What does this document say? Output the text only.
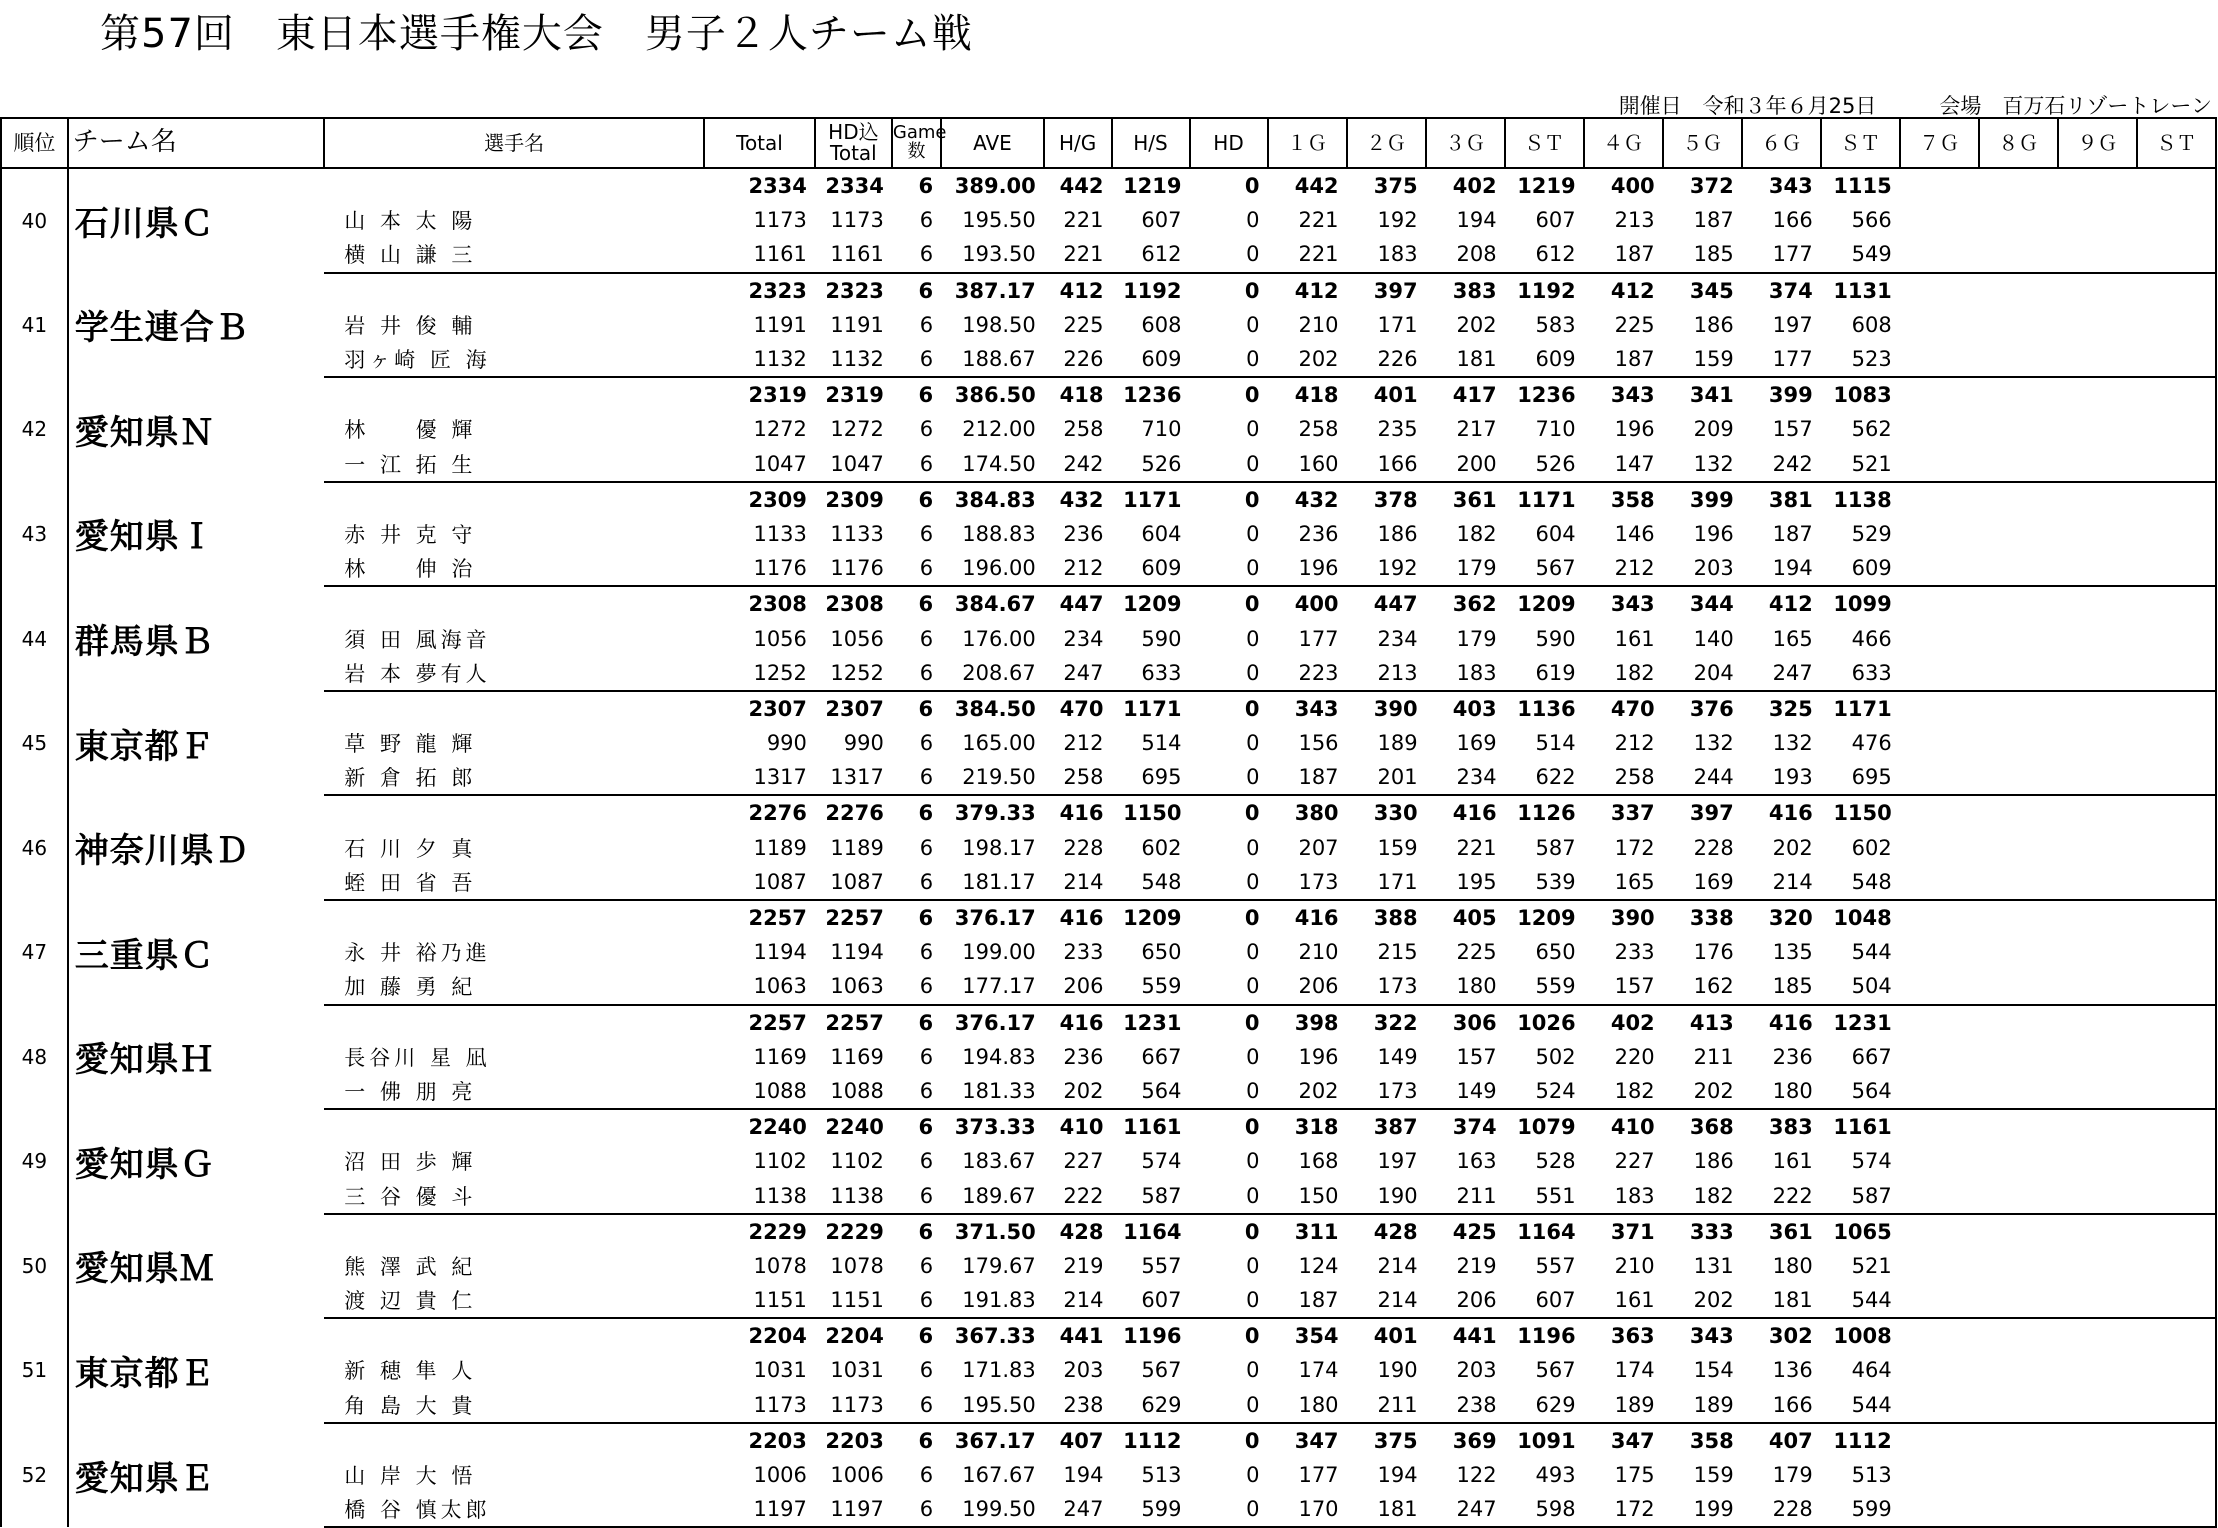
第57回　東日本選手権大会　男子２人チーム戦
開催日　令和３年６月25日　　　会場　百万石リゾートレーン
順位	チーム名	選手名	Total	HD込
Total	Game
数	AVE	H/G	H/S	HD	１Ｇ	２Ｇ	３Ｇ	ＳＴ	４Ｇ	５Ｇ	６Ｇ	ＳＴ	７Ｇ	８Ｇ	９Ｇ	ＳＴ
40	石川県Ｃ		2334	2334	6	389.00	442	1219	0	442	375	402	1219	400	372	343	1115				
		山 本 太 陽	1173	1173	6	195.50	221	607	0	221	192	194	607	213	187	166	566				
		横 山 謙 三	1161	1161	6	193.50	221	612	0	221	183	208	612	187	185	177	549				
41	学生連合Ｂ		2323	2323	6	387.17	412	1192	0	412	397	383	1192	412	345	374	1131				
		岩 井 俊 輔	1191	1191	6	198.50	225	608	0	210	171	202	583	225	186	197	608				
		羽ヶ崎 匠 海	1132	1132	6	188.67	226	609	0	202	226	181	609	187	159	177	523				
42	愛知県Ｎ		2319	2319	6	386.50	418	1236	0	418	401	417	1236	343	341	399	1083				
		林 　 優 輝	1272	1272	6	212.00	258	710	0	258	235	217	710	196	209	157	562				
		一 江 拓 生	1047	1047	6	174.50	242	526	0	160	166	200	526	147	132	242	521				
43	愛知県Ｉ		2309	2309	6	384.83	432	1171	0	432	378	361	1171	358	399	381	1138				
		赤 井 克 守	1133	1133	6	188.83	236	604	0	236	186	182	604	146	196	187	529				
		林 　 伸 治	1176	1176	6	196.00	212	609	0	196	192	179	567	212	203	194	609				
44	群馬県Ｂ		2308	2308	6	384.67	447	1209	0	400	447	362	1209	343	344	412	1099				
		須 田 風海音	1056	1056	6	176.00	234	590	0	177	234	179	590	161	140	165	466				
		岩 本 夢有人	1252	1252	6	208.67	247	633	0	223	213	183	619	182	204	247	633				
45	東京都Ｆ		2307	2307	6	384.50	470	1171	0	343	390	403	1136	470	376	325	1171				
		草 野 龍 輝	990	990	6	165.00	212	514	0	156	189	169	514	212	132	132	476				
		新 倉 拓 郎	1317	1317	6	219.50	258	695	0	187	201	234	622	258	244	193	695				
46	神奈川県Ｄ		2276	2276	6	379.33	416	1150	0	380	330	416	1126	337	397	416	1150				
		石 川 夕 真	1189	1189	6	198.17	228	602	0	207	159	221	587	172	228	202	602				
		蛭 田 省 吾	1087	1087	6	181.17	214	548	0	173	171	195	539	165	169	214	548				
47	三重県Ｃ		2257	2257	6	376.17	416	1209	0	416	388	405	1209	390	338	320	1048				
		永 井 裕乃進	1194	1194	6	199.00	233	650	0	210	215	225	650	233	176	135	544				
		加 藤 勇 紀	1063	1063	6	177.17	206	559	0	206	173	180	559	157	162	185	504				
48	愛知県Ｈ		2257	2257	6	376.17	416	1231	0	398	322	306	1026	402	413	416	1231				
		長谷川 星 凪	1169	1169	6	194.83	236	667	0	196	149	157	502	220	211	236	667				
		一 佛 朋 亮	1088	1088	6	181.33	202	564	0	202	173	149	524	182	202	180	564				
49	愛知県Ｇ		2240	2240	6	373.33	410	1161	0	318	387	374	1079	410	368	383	1161				
		沼 田 歩 輝	1102	1102	6	183.67	227	574	0	168	197	163	528	227	186	161	574				
		三 谷 優 斗	1138	1138	6	189.67	222	587	0	150	190	211	551	183	182	222	587				
50	愛知県Ｍ		2229	2229	6	371.50	428	1164	0	311	428	425	1164	371	333	361	1065				
		熊 澤 武 紀	1078	1078	6	179.67	219	557	0	124	214	219	557	210	131	180	521				
		渡 辺 貴 仁	1151	1151	6	191.83	214	607	0	187	214	206	607	161	202	181	544				
51	東京都Ｅ		2204	2204	6	367.33	441	1196	0	354	401	441	1196	363	343	302	1008				
		新 穂 隼 人	1031	1031	6	171.83	203	567	0	174	190	203	567	174	154	136	464				
		角 島 大 貴	1173	1173	6	195.50	238	629	0	180	211	238	629	189	189	166	544				
52	愛知県Ｅ		2203	2203	6	367.17	407	1112	0	347	375	369	1091	347	358	407	1112				
		山 岸 大 悟	1006	1006	6	167.67	194	513	0	177	194	122	493	175	159	179	513				
		橋 谷 慎太郎	1197	1197	6	199.50	247	599	0	170	181	247	598	172	199	228	599				
